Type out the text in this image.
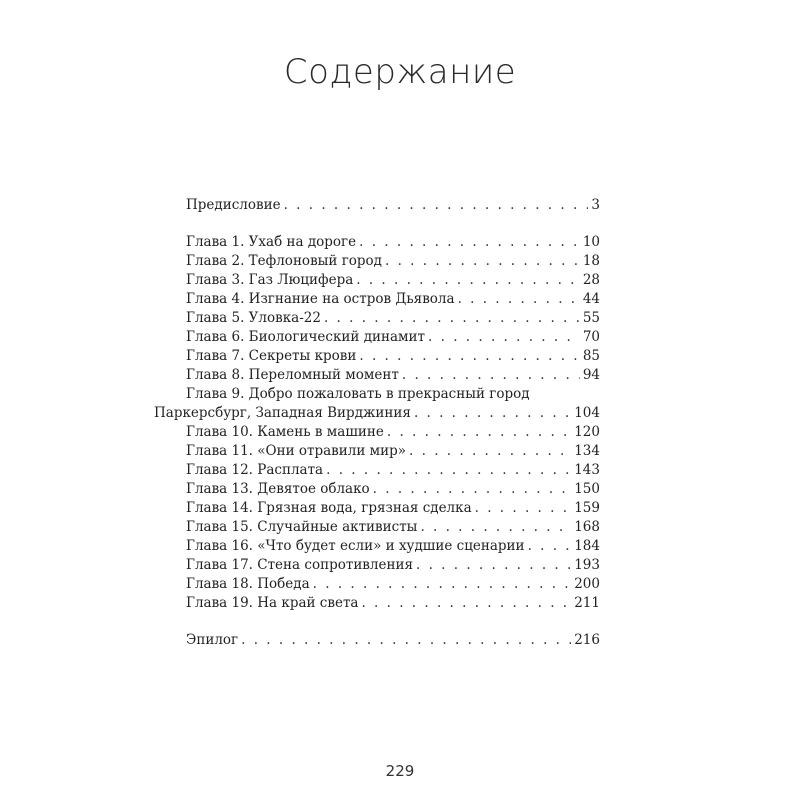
Содержание
Предисловие . . .	3
Глава 1. Ухаб на дороге . . .	10
Глава 2. Тефлоновый город . . .	18
Глава 3. Газ Люцифера . . .	28
Глава 4. Изгнание на остров Дьявола . . .	44
Глава 5. Уловка-22 . . .	55
Глава 6. Биологический динамит . . .	70
Глава 7. Секреты крови . . .	85
Глава 8. Переломный момент . . .	94
Глава 9. Добро пожаловать в прекрасный город
Паркерсбург, Западная Вирджиния . . .	104
Глава 10. Камень в машине . . .	120
Глава 11. «Они отравили мир» . . .	134
Глава 12. Расплата . . .	143
Глава 13. Девятое облако . . .	150
Глава 14. Грязная вода, грязная сделка . . .	159
Глава 15. Случайные активисты . . .	168
Глава 16. «Что будет если» и худшие сценарии . . .	184
Глава 17. Стена сопротивления . . .	193
Глава 18. Победа . . .	200
Глава 19. На край света . . .	211
Эпилог . . .	216
229
